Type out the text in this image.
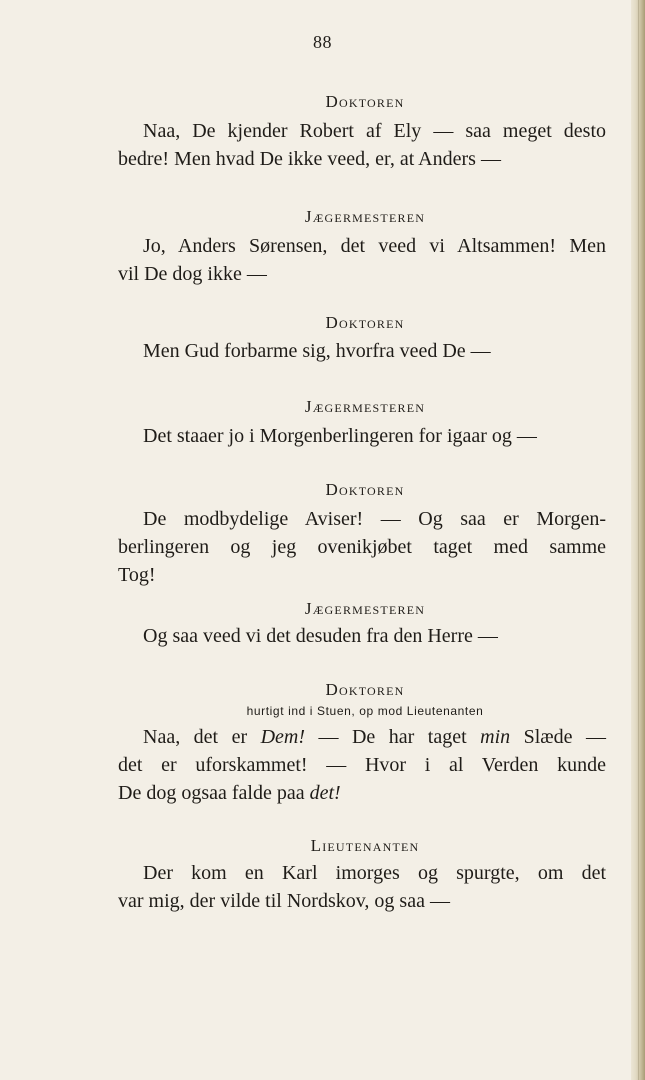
88
Doktoren
Naa, De kjender Robert af Ely — saa meget desto
bedre! Men hvad De ikke veed, er, at Anders —
Jægermesteren
Jo, Anders Sørensen, det veed vi Altsammen! Men
vil De dog ikke —
Doktoren
Men Gud forbarme sig, hvorfra veed De —
Jægermesteren
Det staaer jo i Morgenberlingeren for igaar og —
Doktoren
De modbydelige Aviser! — Og saa er Morgen-
berlingeren og jeg ovenikjøbet taget med samme
Tog!
Jægermesteren
Og saa veed vi det desuden fra den Herre —
Doktoren
hurtigt ind i Stuen, op mod Lieutenanten
Naa, det er Dem! — De har taget min Slæde —
det er uforskammet! — Hvor i al Verden kunde
De dog ogsaa falde paa det!
Lieutenanten
Der kom en Karl imorges og spurgte, om det
var mig, der vilde til Nordskov, og saa —
